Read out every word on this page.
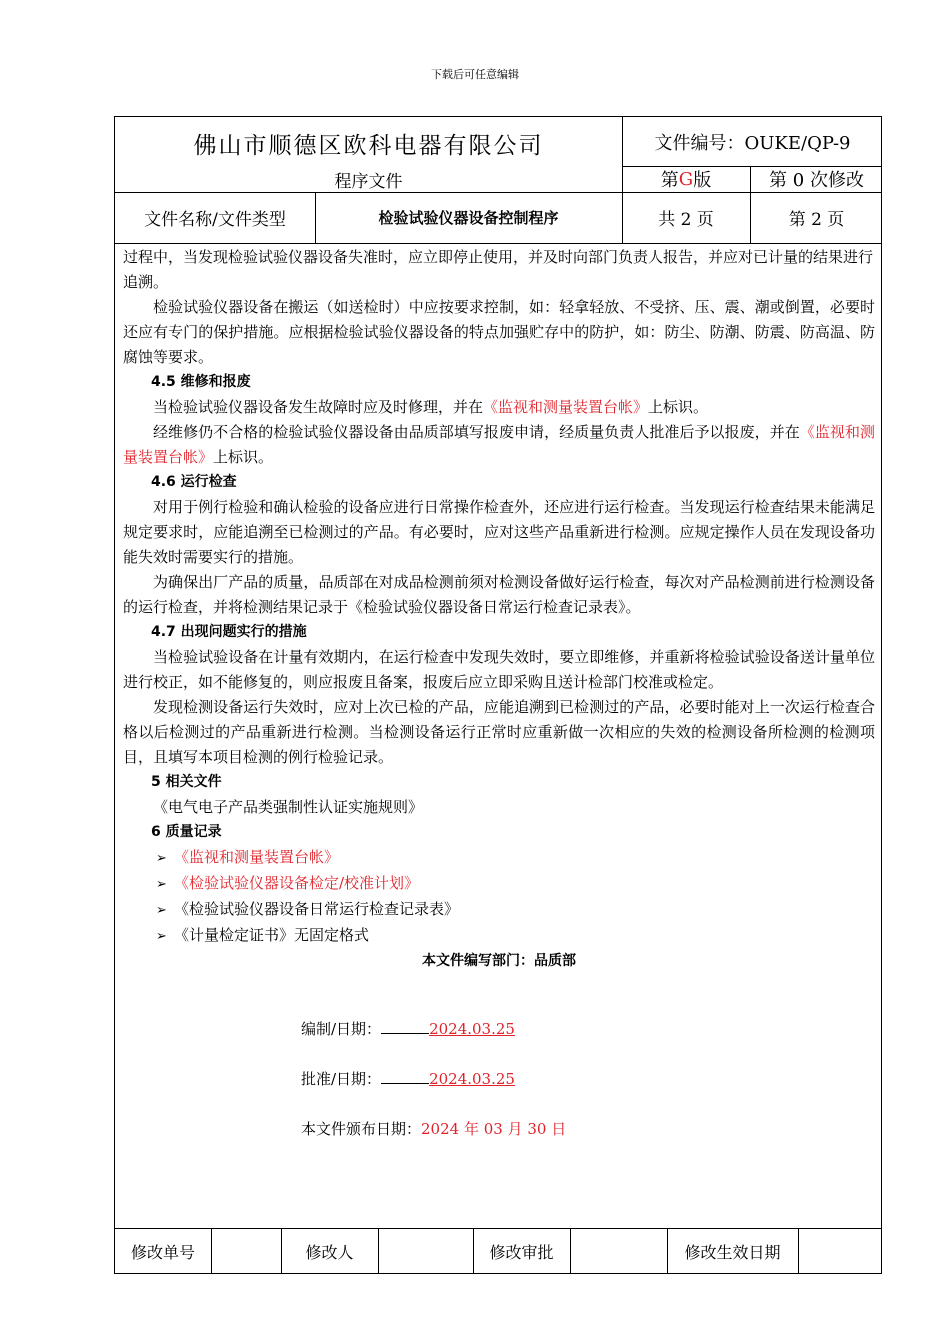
下载后可任意编辑
佛山市顺德区欧科电器有限公司
程序文件
文件编号：OUKE/QP-9
第 G 版	第 0 次修改
文件名称/文件类型	检验试验仪器设备控制程序	共 2 页	第 2 页

过程中，当发现检验试验仪器设备失准时，应立即停止使用，并及时向部门负责人报告，并应对已计量的结果进行追溯。

检验试验仪器设备在搬运（如送检时）中应按要求控制，如：轻拿轻放、不受挤、压、震、潮或倒置，必要时还应有专门的保护措施。应根据检验试验仪器设备的特点加强贮存中的防护，如：防尘、防潮、防震、防高温、防腐蚀等要求。

4.5 维修和报废

当检验试验仪器设备发生故障时应及时修理，并在《监视和测量装置台帐》上标识。

经维修仍不合格的检验试验仪器设备由品质部填写报废申请，经质量负责人批准后予以报废，并在《监视和测量装置台帐》上标识。

4.6 运行检查

对用于例行检验和确认检验的设备应进行日常操作检查外，还应进行运行检查。当发现运行检查结果未能满足规定要求时，应能追溯至已检测过的产品。有必要时，应对这些产品重新进行检测。应规定操作人员在发现设备功能失效时需要实行的措施。

为确保出厂产品的质量，品质部在对成品检测前须对检测设备做好运行检查，每次对产品检测前进行检测设备的运行检查，并将检测结果记录于《检验试验仪器设备日常运行检查记录表》。

4.7 出现问题实行的措施

当检验试验设备在计量有效期内，在运行检查中发现失效时，要立即维修，并重新将检验试验设备送计量单位进行校正，如不能修复的，则应报废且备案，报废后应立即采购且送计检部门校准或检定。

发现检测设备运行失效时，应对上次已检的产品，应能追溯到已检测过的产品，必要时能对上一次运行检查合格以后检测过的产品重新进行检测。当检测设备运行正常时应重新做一次相应的失效的检测设备所检测的检测项目，且填写本项目检测的例行检验记录。

5 相关文件

《电气电子产品类强制性认证实施规则》

6 质量记录

➢ 《监视和测量装置台帐》

➢ 《检验试验仪器设备检定/校准计划》

➢ 《检验试验仪器设备日常运行检查记录表》

➢ 《计量检定证书》无固定格式

本文件编写部门：品质部

编制/日期：	2024.03.25
批准/日期：	2024.03.25
本文件颁布日期：2024 年 03 月 30 日
修改单号	修改人	修改审批	修改生效日期
